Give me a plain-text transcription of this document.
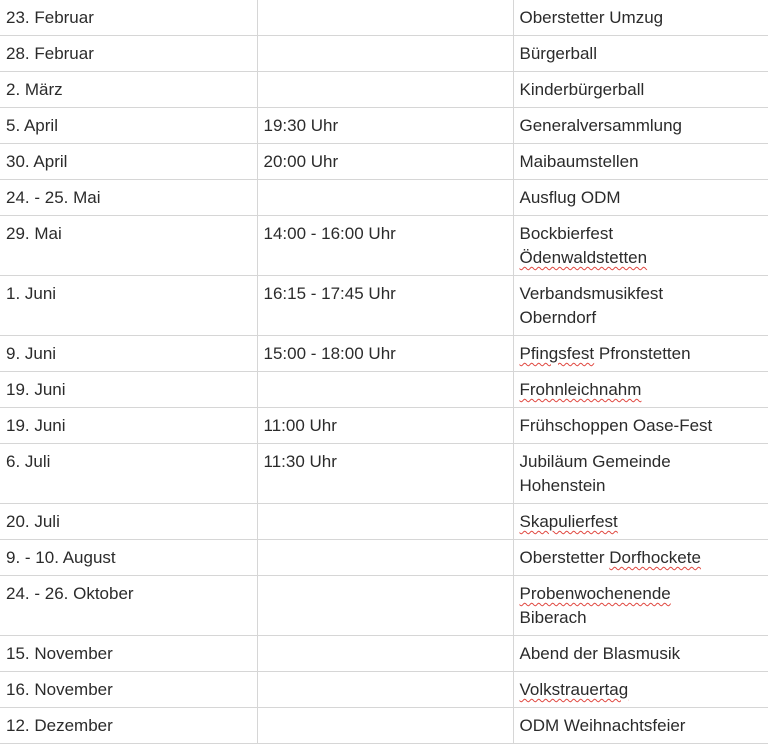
23. Februar		Oberstetter Umzug
28. Februar		Bürgerball
2. März		Kinderbürgerball
5. April	19:30 Uhr	Generalversammlung
30. April	20:00 Uhr	Maibaumstellen
24. - 25. Mai		Ausflug ODM
29. Mai	14:00 - 16:00 Uhr	Bockbierfest
Ödenwaldstetten

1. Juni	16:15 - 17:45 Uhr	Verbandsmusikfest
Oberndorf

9. Juni	15:00 - 18:00 Uhr	Pfingsfest Pfronstetten
19. Juni		Frohnleichnahm
19. Juni	11:00 Uhr	Frühschoppen Oase-Fest
6. Juli	11:30 Uhr	Jubiläum Gemeinde
Hohenstein

20. Juli		Skapulierfest
9. - 10. August		Oberstetter Dorfhockete
24. - 26. Oktober		Probenwochenende
Biberach

15. November		Abend der Blasmusik
16. November		Volkstrauertag
12. Dezember		ODM Weihnachtsfeier
